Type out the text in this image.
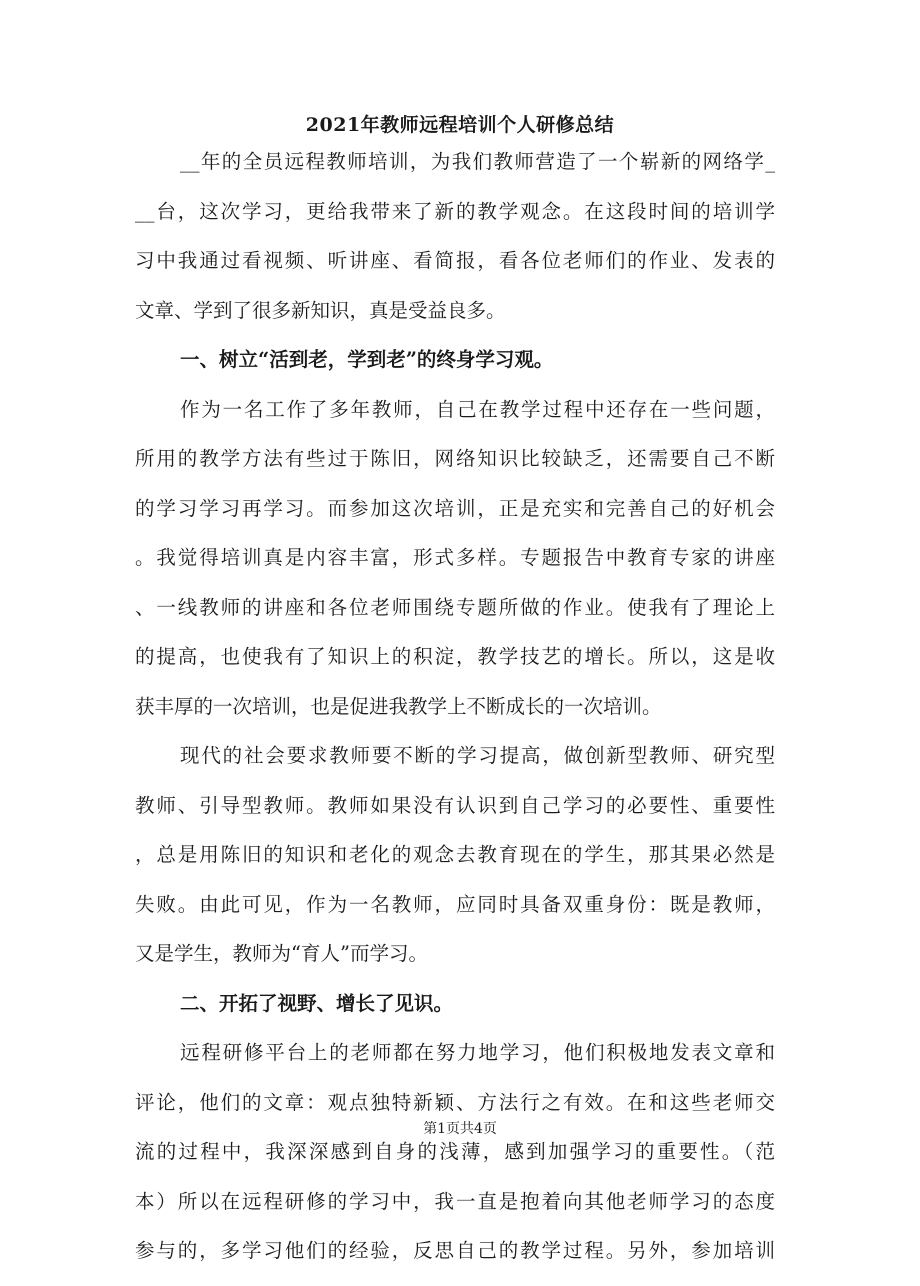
2021年教师远程培训个人研修总结
__年的全员远程教师培训，为我们教师营造了一个崭新的网络学_
__台，这次学习，更给我带来了新的教学观念。在这段时间的培训学
习中我通过看视频、听讲座、看简报，看各位老师们的作业、发表的
文章、学到了很多新知识，真是受益良多。
一、树立“活到老，学到老”的终身学习观。
作为一名工作了多年教师，自己在教学过程中还存在一些问题，
所用的教学方法有些过于陈旧，网络知识比较缺乏，还需要自己不断
的学习学习再学习。而参加这次培训，正是充实和完善自己的好机会
。我觉得培训真是内容丰富，形式多样。专题报告中教育专家的讲座
、一线教师的讲座和各位老师围绕专题所做的作业。使我有了理论上
的提高，也使我有了知识上的积淀，教学技艺的增长。所以，这是收
获丰厚的一次培训，也是促进我教学上不断成长的一次培训。
现代的社会要求教师要不断的学习提高，做创新型教师、研究型
教师、引导型教师。教师如果没有认识到自己学习的必要性、重要性
，总是用陈旧的知识和老化的观念去教育现在的学生，那其果必然是
失败。由此可见，作为一名教师，应同时具备双重身份：既是教师，
又是学生，教师为“育人”而学习。
二、开拓了视野、增长了见识。
远程研修平台上的老师都在努力地学习，他们积极地发表文章和
评论，他们的文章：观点独特新颖、方法行之有效。在和这些老师交
流的过程中，我深深感到自身的浅薄，感到加强学习的重要性。（范
本）所以在远程研修的学习中，我一直是抱着向其他老师学习的态度
参与的，多学习他们的经验，反思自己的教学过程。另外，参加培训
第1页共4页
